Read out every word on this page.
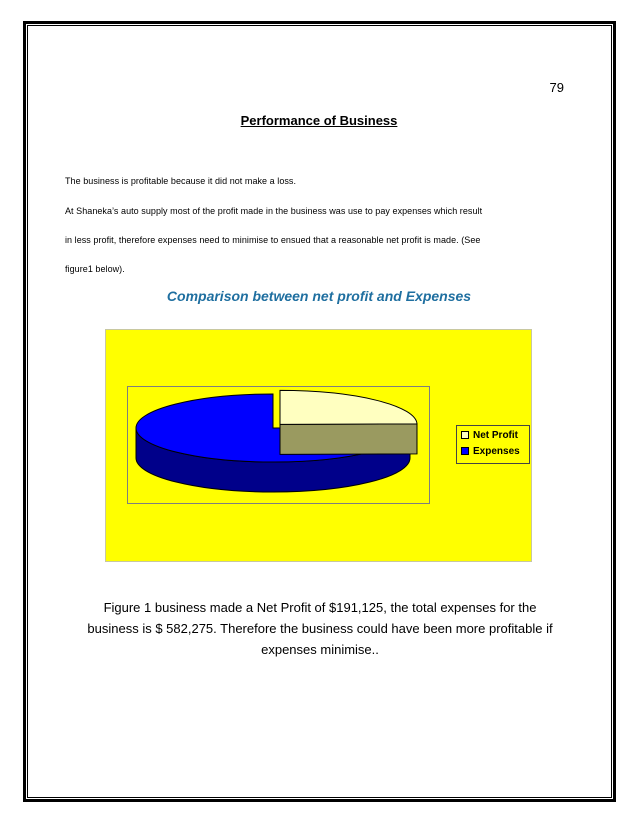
79
Performance of Business
The business is profitable because it did not make a loss.
At Shaneka’s auto supply most of the profit made in the business was use to pay expenses which result
in less profit, therefore expenses need to minimise to ensued that a reasonable net profit is made. (See
figure1 below).
Comparison between net profit and Expenses
Net Profit
Expenses
Figure 1 business made a Net Profit of $191,125, the total expenses for the
business is $ 582,275. Therefore the business could have been more profitable if
expenses minimise..
